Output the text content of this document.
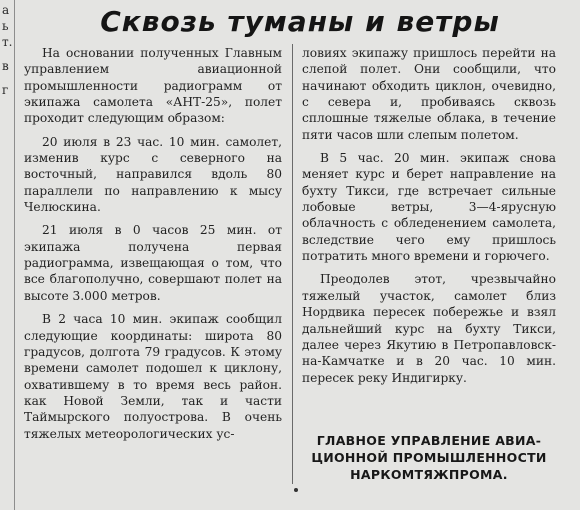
а
ь
т.
в
г
Сквозь туманы и ветры

На основании полученных Главным управлением авиационной промышленности радиограмм от экипажа самолета «АНТ-25», полет проходит следующим образом:

20 июля в 23 час. 10 мин. самолет, изменив курс с северного на восточный, направился вдоль 80 параллели по направлению к мысу Челюскина.

21 июля в 0 часов 25 мин. от экипажа получена первая радиограмма, извещающая о том, что все благополучно, совершают полет на высоте 3.000 метров.

В 2 часа 10 мин. экипаж сообщил следующие координаты: широта 80 градусов, долгота 79 градусов. К этому времени самолет подошел к циклону, охватившему в то время весь район. как Новой Земли, так и части Таймырского полуострова. В очень тяжелых метеорологических ус-

ловиях экипажу пришлось перейти на слепой полет. Они сообщили, что начинают обходить циклон, очевидно, с севера и, пробиваясь сквозь сплошные тяжелые облака, в течение пяти часов шли слепым полетом.

В 5 час. 20 мин. экипаж снова меняет курс и берет направление на бухту Тикси, где встречает сильные лобовые ветры, 3—4-ярусную облачность с обледенением самолета, вследствие чего ему пришлось потратить много времени и горючего.

Преодолев этот, чрезвычайно тяжелый участок, самолет близ Нордвика пересек побережье и взял дальнейший курс на бухту Тикси, далее через Якутию в Петропавловск-на-Камчатке и в 20 час. 10 мин. пересек реку Индигирку.

ГЛАВНОЕ УПРАВЛЕНИЕ АВИА-
ЦИОННОЙ ПРОМЫШЛЕННОСТИ
НАРКОМТЯЖПРОМА.
